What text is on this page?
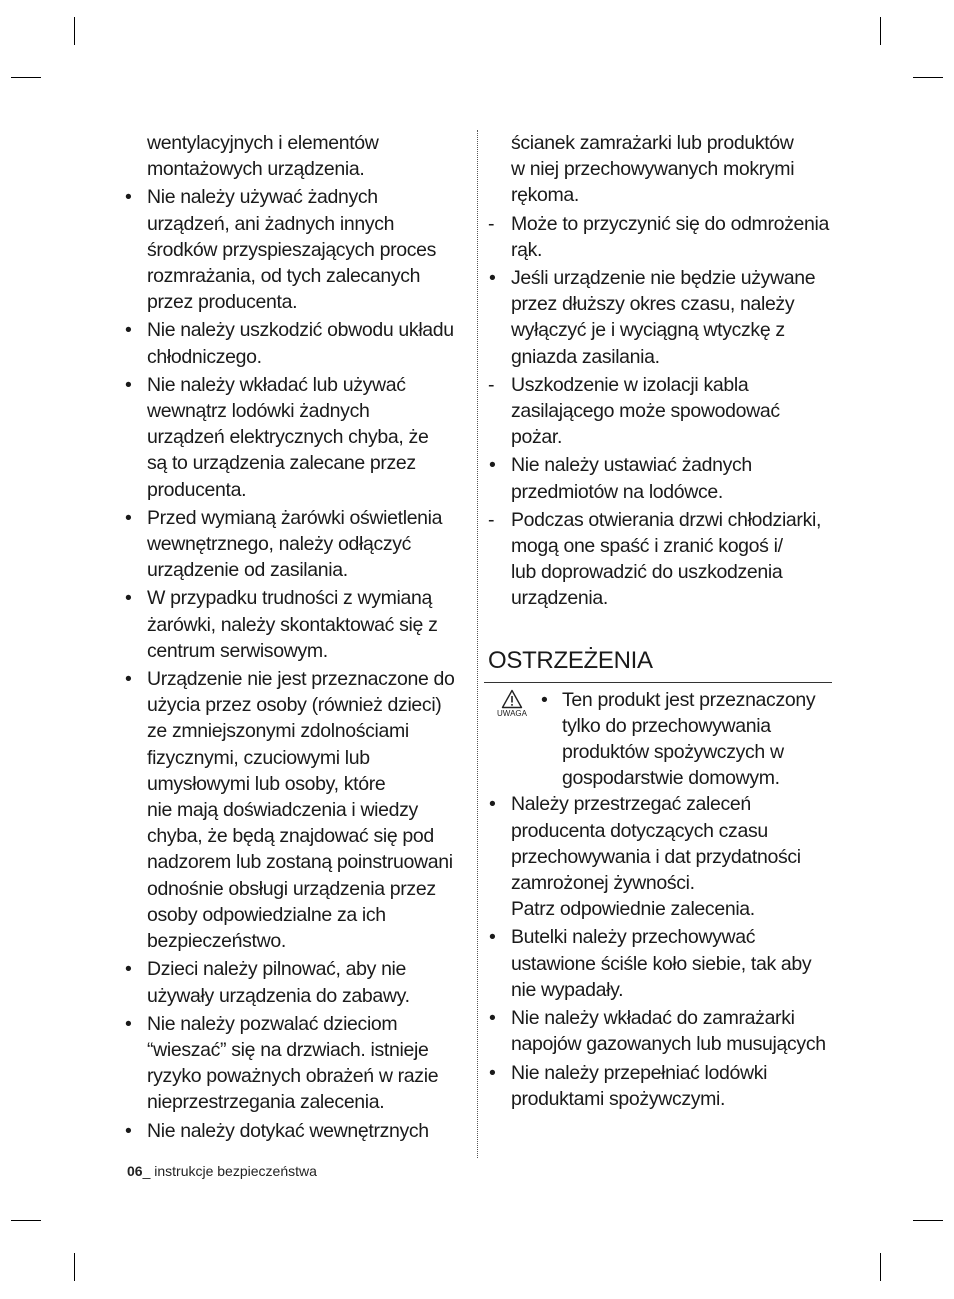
wentylacyjnych i elementów
montażowych urządzenia.
• Nie należy używać żadnych
urządzeń, ani żadnych innych
środków przyspieszających proces
rozmrażania, od tych zalecanych
przez producenta.
• Nie należy uszkodzić obwodu układu
chłodniczego.
• Nie należy wkładać lub używać
wewnątrz lodówki żadnych
urządzeń elektrycznych chyba, że
są to urządzenia zalecane przez
producenta.
• Przed wymianą żarówki oświetlenia
wewnętrznego, należy odłączyć
urządzenie od zasilania.
• W przypadku trudności z wymianą
żarówki, należy skontaktować się z
centrum serwisowym.
• Urządzenie nie jest przeznaczone do
użycia przez osoby (również dzieci)
ze zmniejszonymi zdolnościami
fizycznymi, czuciowymi lub
umysłowymi lub osoby, które
nie mają doświadczenia i wiedzy
chyba, że będą znajdować się pod
nadzorem lub zostaną poinstruowani
odnośnie obsługi urządzenia przez
osoby odpowiedzialne za ich
bezpieczeństwo.
• Dzieci należy pilnować, aby nie
używały urządzenia do zabawy.
• Nie należy pozwalać dzieciom
“wieszać” się na drzwiach. istnieje
ryzyko poważnych obrażeń w razie
nieprzestrzegania zalecenia.
• Nie należy dotykać wewnętrznych
ścianek zamrażarki lub produktów
w niej przechowywanych mokrymi
rękoma.
- Może to przyczynić się do odmrożenia
rąk.
• Jeśli urządzenie nie będzie używane
przez dłuższy okres czasu, należy
wyłączyć je i wyciągną wtyczkę z
gniazda zasilania.
- Uszkodzenie w izolacji kabla
zasilającego może spowodować
pożar.
• Nie należy ustawiać żadnych
przedmiotów na lodówce.
- Podczas otwierania drzwi chłodziarki,
mogą one spaść i zranić kogoś i/
lub doprowadzić do uszkodzenia
urządzenia.
OSTRZEŻENIA
UWAGA
• Ten produkt jest przeznaczony
tylko do przechowywania
produktów spożywczych w
gospodarstwie domowym.
• Należy przestrzegać zaleceń
producenta dotyczących czasu
przechowywania i dat przydatności
zamrożonej żywności.
Patrz odpowiednie zalecenia.
• Butelki należy przechowywać
ustawione ściśle koło siebie, tak aby
nie wypadały.
• Nie należy wkładać do zamrażarki
napojów gazowanych lub musujących
• Nie należy przepełniać lodówki
produktami spożywczymi.
06_ instrukcje bezpieczeństwa
